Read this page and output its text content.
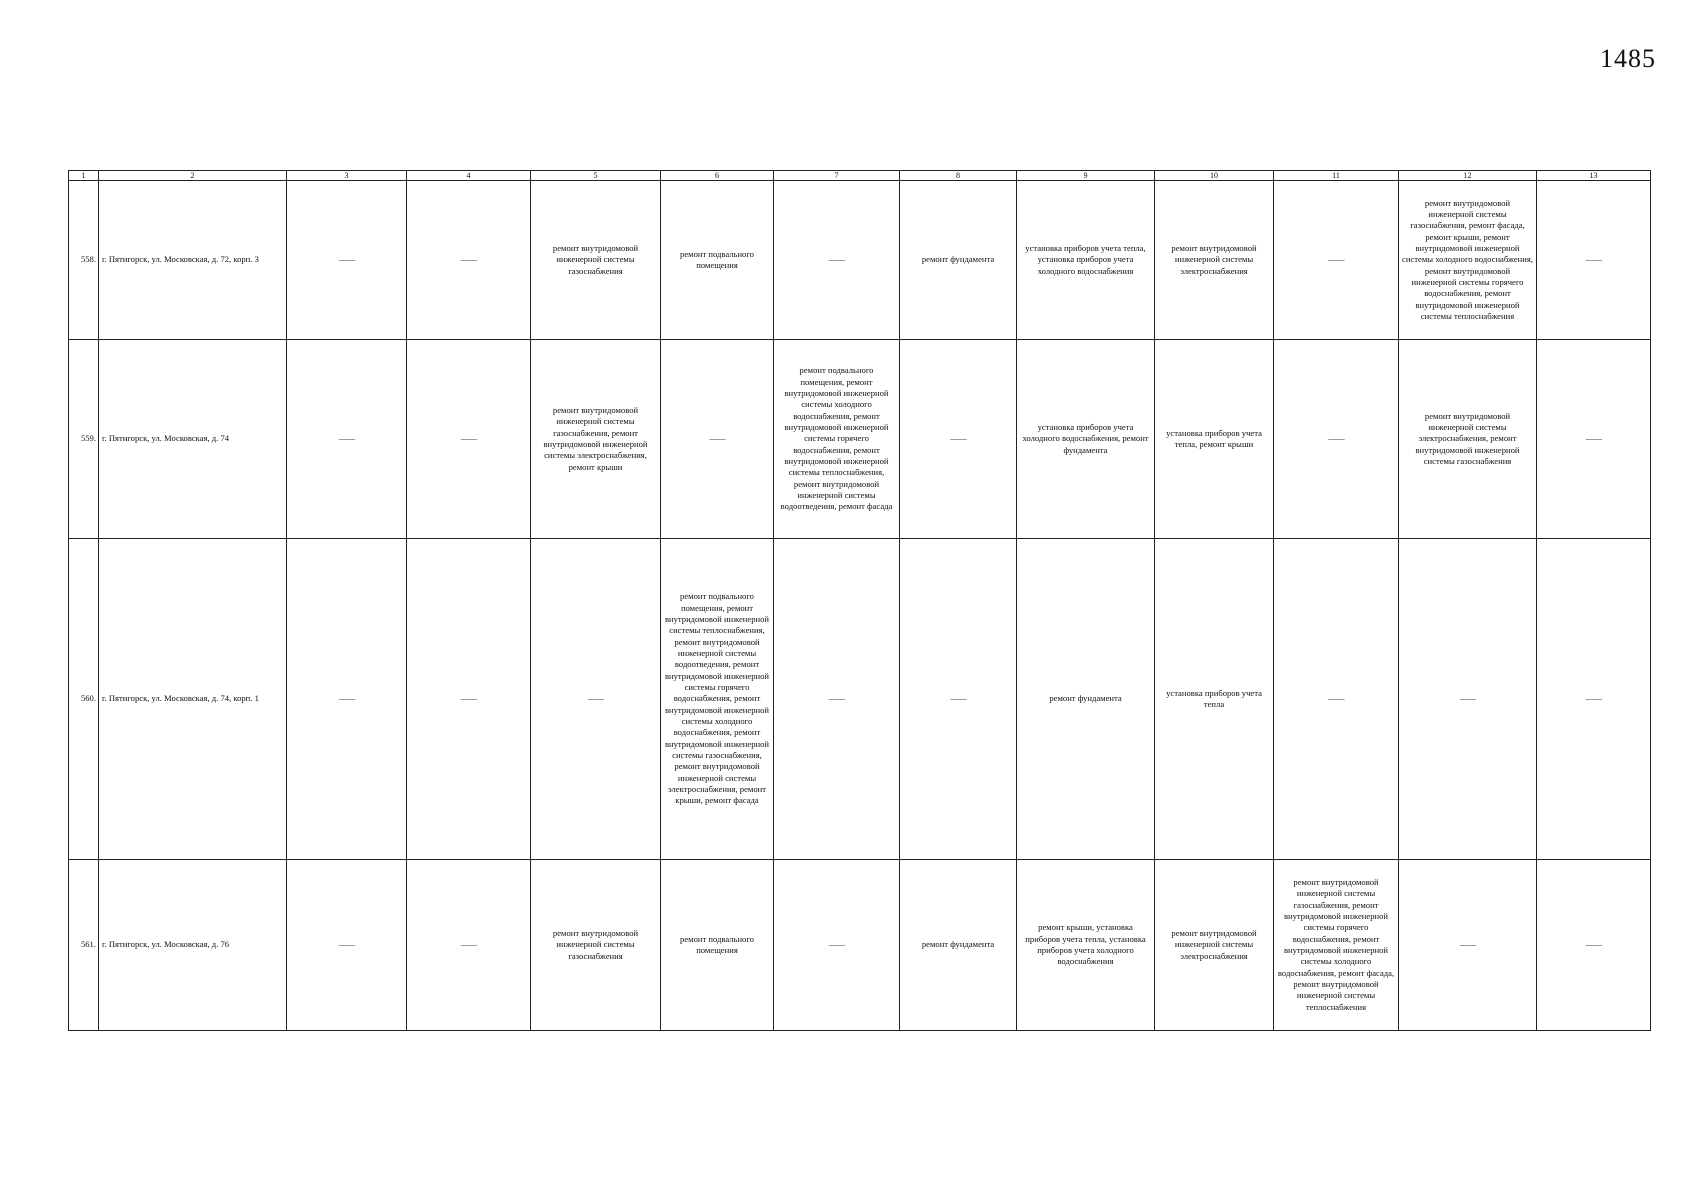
1485
1	2	3	4	5	6	7	8	9	10	11	12	13
558.	г. Пятигорск, ул. Московская, д. 72, корп. 3	——	——	ремонт внутридомовой инженерной системы газоснабжения	ремонт подвального помещения	——	ремонт фундамента	установка приборов учета тепла, установка приборов учета холодного водоснабжения	ремонт внутридомовой инженерной системы электроснабжения	——	ремонт внутридомовой инженерной системы газоснабжения, ремонт фасада, ремонт крыши, ремонт внутридомовой инженерной системы холодного водоснабжения, ремонт внутридомовой инженерной системы горячего водоснабжения, ремонт внутридомовой инженерной системы теплоснабжения	——
559.	г. Пятигорск, ул. Московская, д. 74	——	——	ремонт внутридомовой инженерной системы газоснабжения, ремонт внутридомовой инженерной системы электроснабжения, ремонт крыши	——	ремонт подвального помещения, ремонт внутридомовой инженерной системы холодного водоснабжения, ремонт внутридомовой инженерной системы горячего водоснабжения, ремонт внутридомовой инженерной системы теплоснабжения, ремонт внутридомовой инженерной системы водоотведения, ремонт фасада	——	установка приборов учета холодного водоснабжения, ремонт фундамента	установка приборов учета тепла, ремонт крыши	——	ремонт внутридомовой инженерной системы электроснабжения, ремонт внутридомовой инженерной системы газоснабжения	——
560.	г. Пятигорск, ул. Московская, д. 74, корп. 1	——	——	——	ремонт подвального помещения, ремонт внутридомовой инженерной системы теплоснабжения, ремонт внутридомовой инженерной системы водоотведения, ремонт внутридомовой инженерной системы горячего водоснабжения, ремонт внутридомовой инженерной системы холодного водоснабжения, ремонт внутридомовой инженерной системы газоснабжения, ремонт внутридомовой инженерной системы электроснабжения, ремонт крыши, ремонт фасада	——	——	ремонт фундамента	установка приборов учета тепла	——	——	——
561.	г. Пятигорск, ул. Московская, д. 76	——	——	ремонт внутридомовой инженерной системы газоснабжения	ремонт подвального помещения	——	ремонт фундамента	ремонт крыши, установка приборов учета тепла, установка приборов учета холодного водоснабжения	ремонт внутридомовой инженерной системы электроснабжения	ремонт внутридомовой инженерной системы газоснабжения, ремонт внутридомовой инженерной системы горячего водоснабжения, ремонт внутридомовой инженерной системы холодного водоснабжения, ремонт фасада, ремонт внутридомовой инженерной системы теплоснабжения	——	——
